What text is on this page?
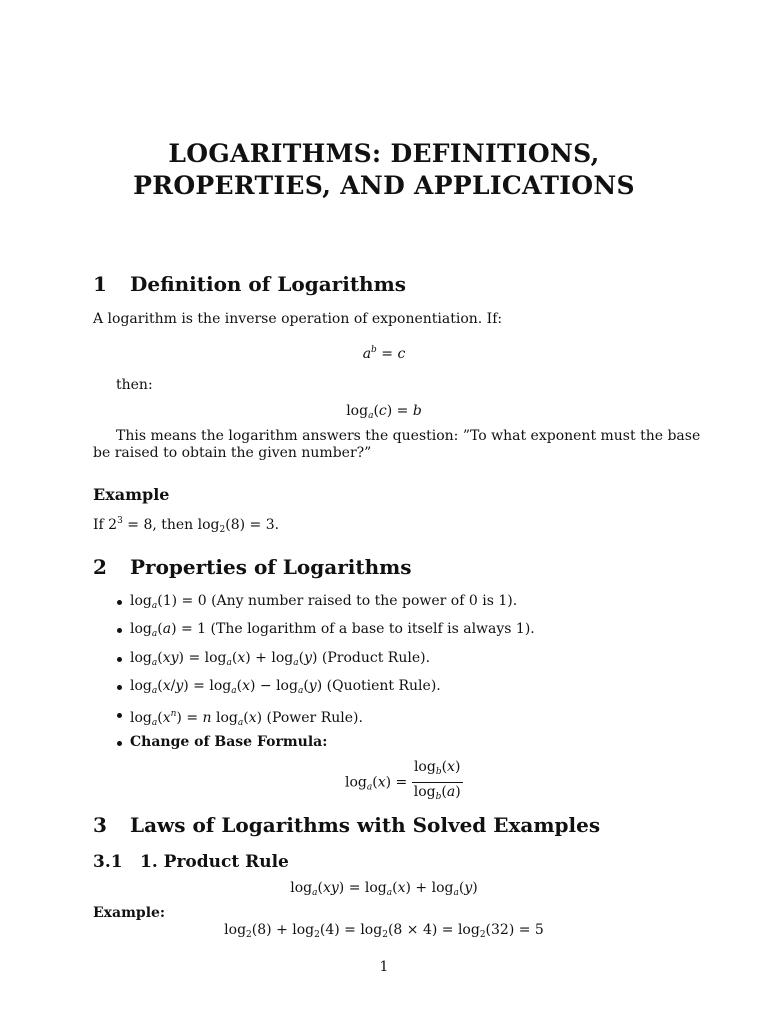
LOGARITHMS: DEFINITIONS,
PROPERTIES, AND APPLICATIONS
1 Definition of Logarithms
A logarithm is the inverse operation of exponentiation. If:
$a^b = c$
then:
$\log_a(c) = b$
This means the logarithm answers the question: ”To what exponent must the base
be raised to obtain the given number?”
Example
If $2^3 = 8$, then $\log_2(8) = 3$.
2 Properties of Logarithms
$\log_a(1) = 0$ (Any number raised to the power of 0 is 1).
$\log_a(a) = 1$ (The logarithm of a base to itself is always 1).
$\log_a(xy) = \log_a(x) + \log_a(y)$ (Product Rule).
$\log_a(x/y) = \log_a(x) - \log_a(y)$ (Quotient Rule).
$\log_a(x^n) = n$ $\log_a(x)$ (Power Rule).
Change of Base Formula:
$\log_a(x) = \frac{\log_b(x)}{\log_b(a)}$
3 Laws of Logarithms with Solved Examples
3.1 1. Product Rule
$\log_a(xy) = \log_a(x) + \log_a(y)$
Example:
$\log_2(8) + \log_2(4) = \log_2(8 \times 4) = \log_2(32) = 5$
1
